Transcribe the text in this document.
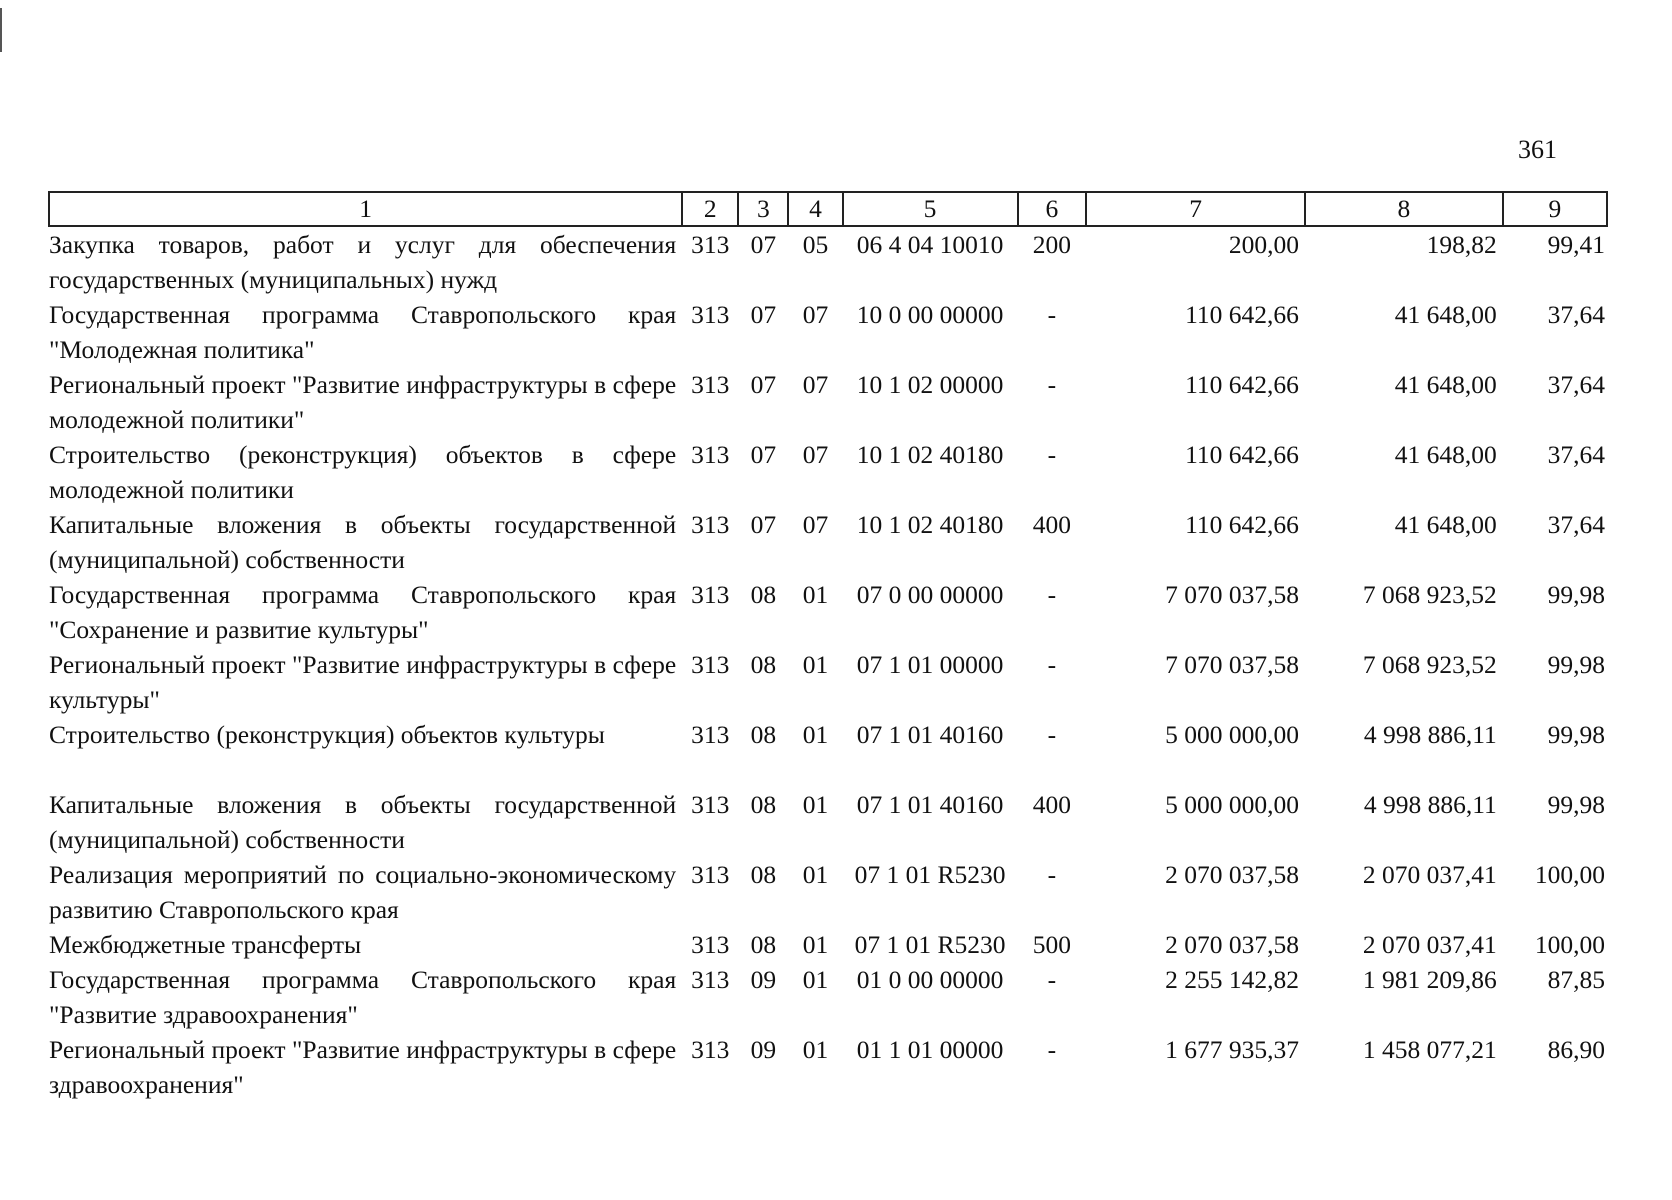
361
1	2	3	4	5	6	7	8	9
Закупка товаров, работ и услуг для обеспечения государственных (муниципальных) нужд	313	07	05	06 4 04 10010	200	200,00	198,82	99,41
Государственная программа Ставропольского края "Молодежная политика"	313	07	07	10 0 00 00000	-	110 642,66	41 648,00	37,64
Региональный проект "Развитие инфраструктуры в сфере молодежной политики"	313	07	07	10 1 02 00000	-	110 642,66	41 648,00	37,64
Строительство (реконструкция) объектов в сфере молодежной политики	313	07	07	10 1 02 40180	-	110 642,66	41 648,00	37,64
Капитальные вложения в объекты государственной (муниципальной) собственности	313	07	07	10 1 02 40180	400	110 642,66	41 648,00	37,64
Государственная программа Ставропольского края "Сохранение и развитие культуры"	313	08	01	07 0 00 00000	-	7 070 037,58	7 068 923,52	99,98
Региональный проект "Развитие инфраструктуры в сфере культуры"	313	08	01	07 1 01 00000	-	7 070 037,58	7 068 923,52	99,98
Строительство (реконструкция) объектов культуры	313	08	01	07 1 01 40160	-	5 000 000,00	4 998 886,11	99,98
Капитальные вложения в объекты государственной (муниципальной) собственности	313	08	01	07 1 01 40160	400	5 000 000,00	4 998 886,11	99,98
Реализация мероприятий по социально-экономическому развитию Ставропольского края	313	08	01	07 1 01 R5230	-	2 070 037,58	2 070 037,41	100,00
Межбюджетные трансферты	313	08	01	07 1 01 R5230	500	2 070 037,58	2 070 037,41	100,00
Государственная программа Ставропольского края "Развитие здравоохранения"	313	09	01	01 0 00 00000	-	2 255 142,82	1 981 209,86	87,85
Региональный проект "Развитие инфраструктуры в сфере здравоохранения"	313	09	01	01 1 01 00000	-	1 677 935,37	1 458 077,21	86,90
